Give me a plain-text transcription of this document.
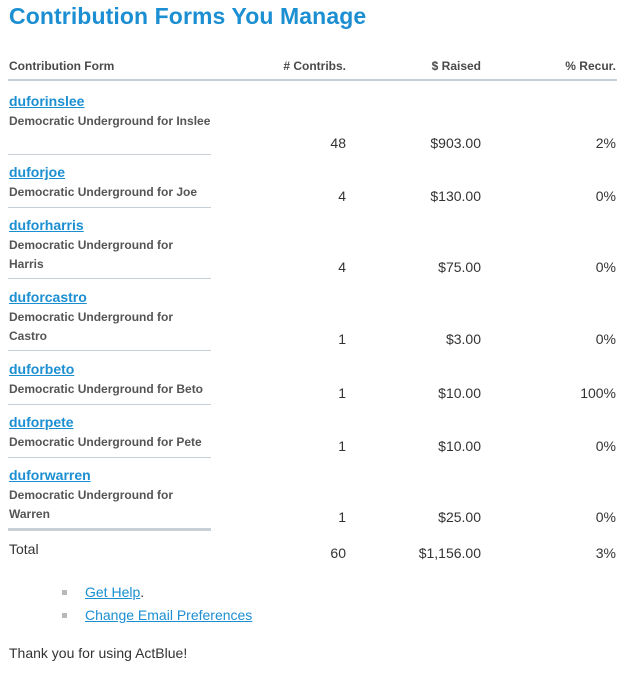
Contribution Forms You Manage
Contribution Form	# Contribs.	$ Raised	% Recur.
duforinslee
Democratic Underground for Inslee
48	$903.00	2%
duforjoe
Democratic Underground for Joe	4	$130.00	0%
duforharris
Democratic Underground for Harris	4	$75.00	0%
duforcastro
Democratic Underground for Castro	1	$3.00	0%
duforbeto
Democratic Underground for Beto	1	$10.00	100%
duforpete
Democratic Underground for Pete	1	$10.00	0%
duforwarren
Democratic Underground for Warren	1	$25.00	0%
Total	60	$1,156.00	3%
Get Help.
Change Email Preferences
Thank you for using ActBlue!
